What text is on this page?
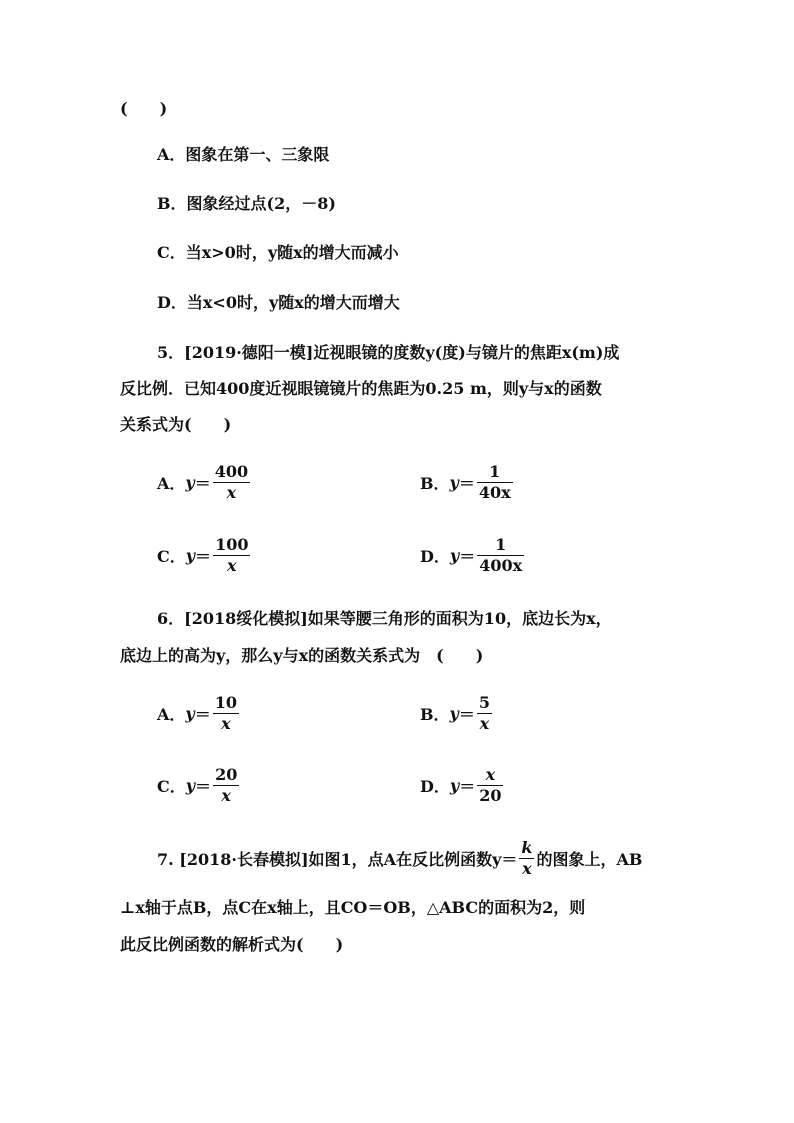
(　　)
A．图象在第一、三象限
B．图象经过点(2，－8)
C．当x>0时，y随x的增大而减小
D．当x<0时，y随x的增大而增大
5．[2019·德阳一模]近视眼镜的度数y(度)与镜片的焦距x(m)成
反比例．已知400度近视眼镜镜片的焦距为0.25 m，则y与x的函数
关系式为(　　)
A． $y = \frac{400}{x}$	B． $y = \frac{1}{40x}$
C． $y = \frac{100}{x}$	D． $y = \frac{1}{400x}$
6．[2018绥化模拟]如果等腰三角形的面积为10，底边长为x，
底边上的高为y，那么y与x的函数关系式为　(　　)
A． $y = \frac{10}{x}$	B． $y = \frac{5}{x}$
C． $y = \frac{20}{x}$	D． $y = \frac{x}{20}$
7. [2018·长春模拟]如图1，点A在反比例函数$y= \frac{k}{x}$ 的图象上，AB
⊥x轴于点B，点C在x轴上，且CO＝OB，△ABC的面积为2，则
此反比例函数的解析式为(　　)
